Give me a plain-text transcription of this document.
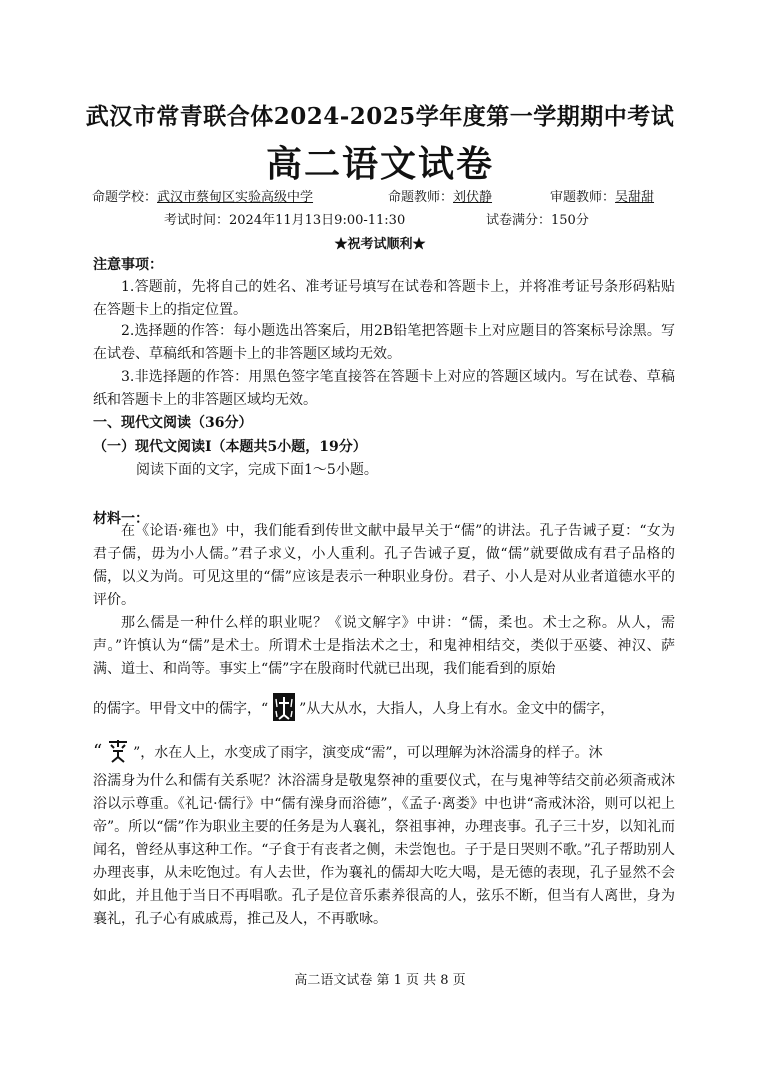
武汉市常青联合体2024-2025学年度第一学期期中考试
高二语文试卷
命题学校：武汉市蔡甸区实验高级中学	命题教师：刘伏静	审题教师：吴甜甜
考试时间：2024年11月13日9:00-11:30	试卷满分：150分
★祝考试顺利★
注意事项：
1.答题前，先将自己的姓名、准考证号填写在试卷和答题卡上，并将准考证号条形码粘贴在答题卡上的指定位置。
2.选择题的作答：每小题选出答案后，用2B铅笔把答题卡上对应题目的答案标号涂黑。写在试卷、草稿纸和答题卡上的非答题区域均无效。
3.非选择题的作答：用黑色签字笔直接答在答题卡上对应的答题区域内。写在试卷、草稿纸和答题卡上的非答题区域均无效。
一、现代文阅读（36分）
（一）现代文阅读Ⅰ（本题共5小题，19分）
阅读下面的文字，完成下面1～5小题。
材料一：
在《论语·雍也》中，我们能看到传世文献中最早关于“儒”的讲法。孔子告诫子夏：“女为君子儒，毋为小人儒。”君子求义，小人重利。孔子告诫子夏，做“儒”就要做成有君子品格的儒，以义为尚。可见这里的“儒”应该是表示一种职业身份。君子、小人是对从业者道德水平的评价。
那么儒是一种什么样的职业呢？《说文解字》中讲：“儒，柔也。术士之称。从人，需声。”许慎认为“儒”是术士。所谓术士是指法术之士，和鬼神相结交，类似于巫婆、神汉、萨满、道士、和尚等。事实上“儒”字在殷商时代就已出现，我们能看到的原始
的儒字。甲骨文中的儒字，“ ”从大从水，大指人，人身上有水。金文中的儒字，
“ ”，水在人上，水变成了雨字，演变成“需”，可以理解为沐浴濡身的样子。沐
浴濡身为什么和儒有关系呢？沐浴濡身是敬鬼祭神的重要仪式，在与鬼神等结交前必须斋戒沐浴以示尊重。《礼记·儒行》中“儒有澡身而浴德”，《孟子·离娄》中也讲“斋戒沐浴，则可以祀上帝”。所以“儒”作为职业主要的任务是为人襄礼，祭祖事神，办理丧事。孔子三十岁，以知礼而闻名，曾经从事这种工作。“子食于有丧者之侧，未尝饱也。子于是日哭则不歌。”孔子帮助别人办理丧事，从未吃饱过。有人去世，作为襄礼的儒却大吃大喝，是无德的表现，孔子显然不会如此，并且他于当日不再唱歌。孔子是位音乐素养很高的人，弦乐不断，但当有人离世，身为襄礼，孔子心有戚戚焉，推己及人，不再歌咏。
高二语文试卷 第 1 页 共 8 页
